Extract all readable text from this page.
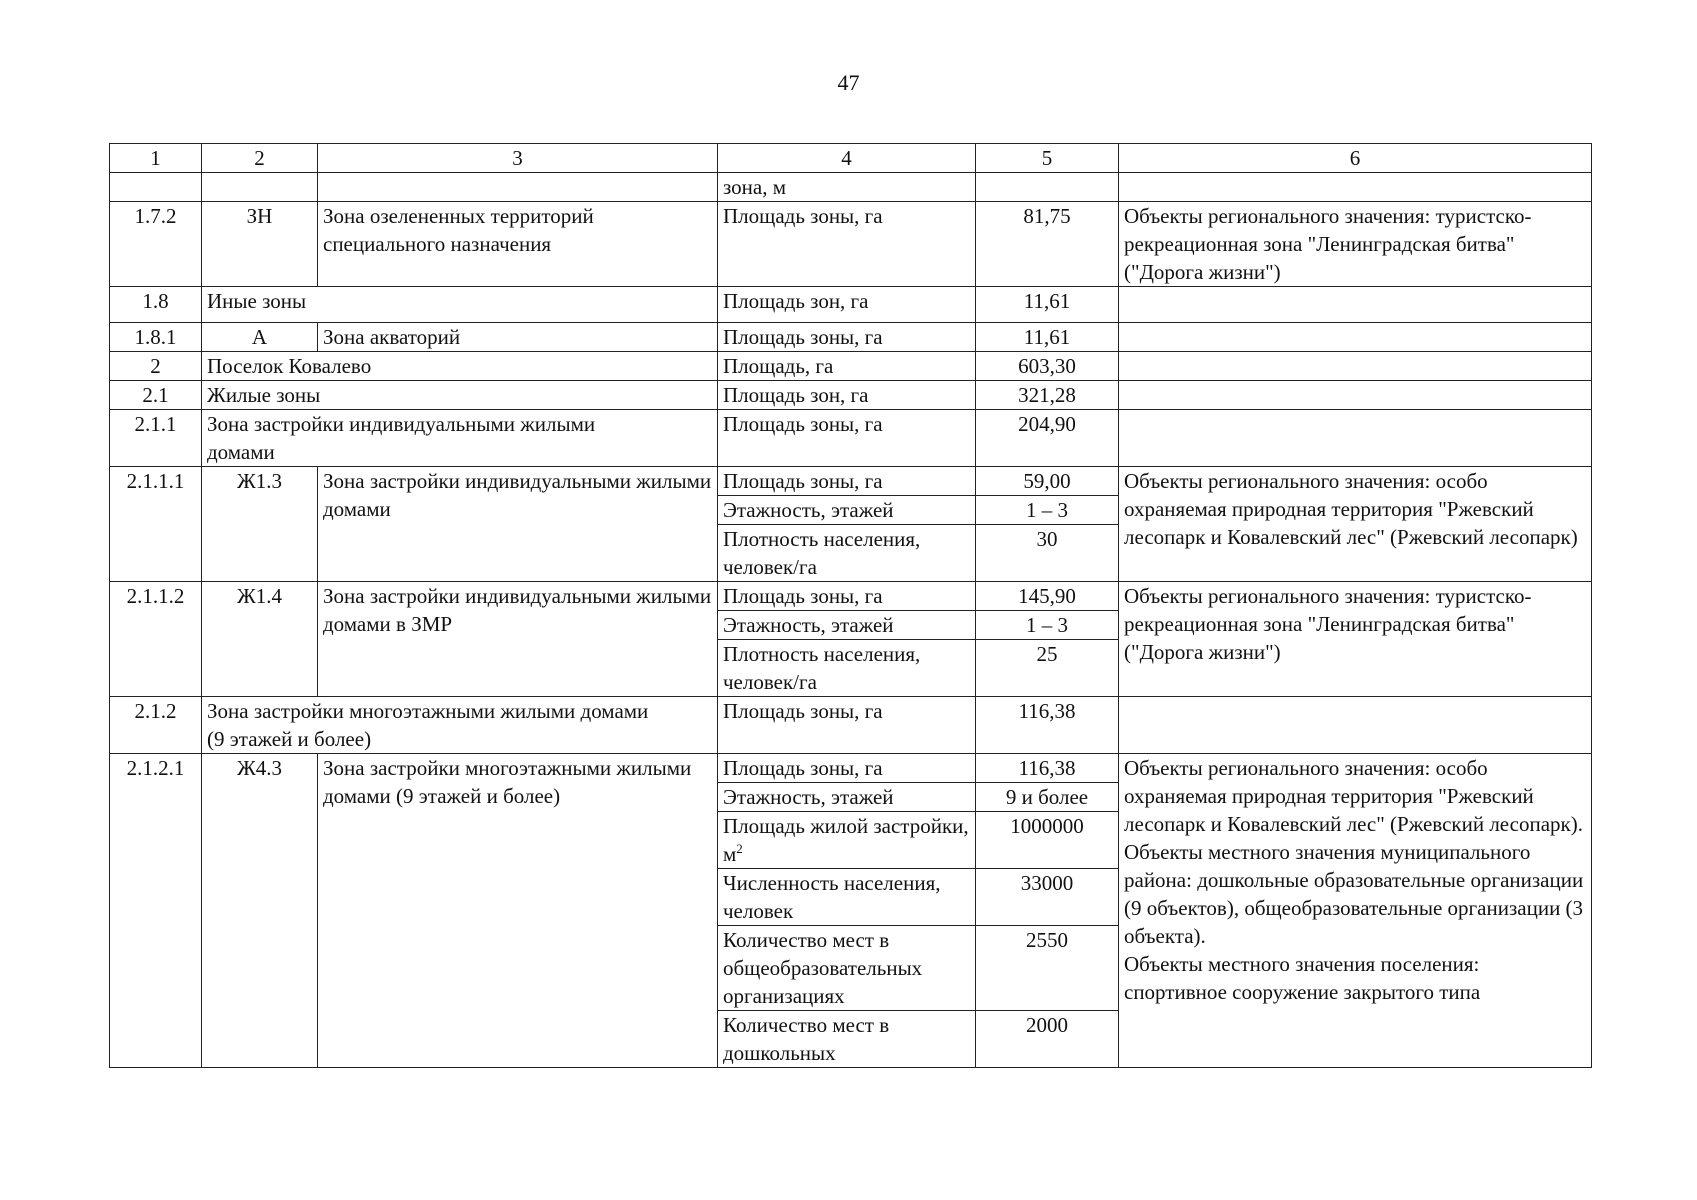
47
1	2	3	4	5	6
			зона, м		
1.7.2	ЗН	Зона озелененных территорий специального назначения	Площадь зоны, га	81,75	Объекты регионального значения: туристско-рекреационная зона "Ленинградская битва" ("Дорога жизни")
1.8	Иные зоны		Площадь зон, га	11,61	
1.8.1	А	Зона акваторий	Площадь зоны, га	11,61	
2	Поселок Ковалево		Площадь, га	603,30	
2.1	Жилые зоны		Площадь зон, га	321,28	
2.1.1	Зона застройки индивидуальными жилыми домами		Площадь зоны, га	204,90	
2.1.1.1	Ж1.3	Зона застройки индивидуальными жилыми домами	Площадь зоны, га	59,00	Объекты регионального значения: особо охраняемая природная территория "Ржевский лесопарк и Ковалевский лес" (Ржевский лесопарк)
			Этажность, этажей	1 – 3	
			Плотность населения, человек/га	30	
2.1.1.2	Ж1.4	Зона застройки индивидуальными жилыми домами в ЗМР	Площадь зоны, га	145,90	Объекты регионального значения: туристско-рекреационная зона "Ленинградская битва" ("Дорога жизни")
			Этажность, этажей	1 – 3	
			Плотность населения, человек/га	25	
2.1.2	Зона застройки многоэтажными жилыми домами (9 этажей и более)		Площадь зоны, га	116,38	
2.1.2.1	Ж4.3	Зона застройки многоэтажными жилыми домами (9 этажей и более)	Площадь зоны, га	116,38	Объекты регионального значения: особо охраняемая природная территория "Ржевский лесопарк и Ковалевский лес" (Ржевский лесопарк).
Объекты местного значения муниципального района: дошкольные образовательные организации (9 объектов), общеобразовательные организации (3 объекта).
Объекты местного значения поселения: спортивное сооружение закрытого типа

			Этажность, этажей	9 и более	
			Площадь жилой застройки, $м^2$	1000000	
			Численность населения, человек	33000	
			Количество мест в общеобразовательных организациях	2550	
			Количество мест в дошкольных	2000	
